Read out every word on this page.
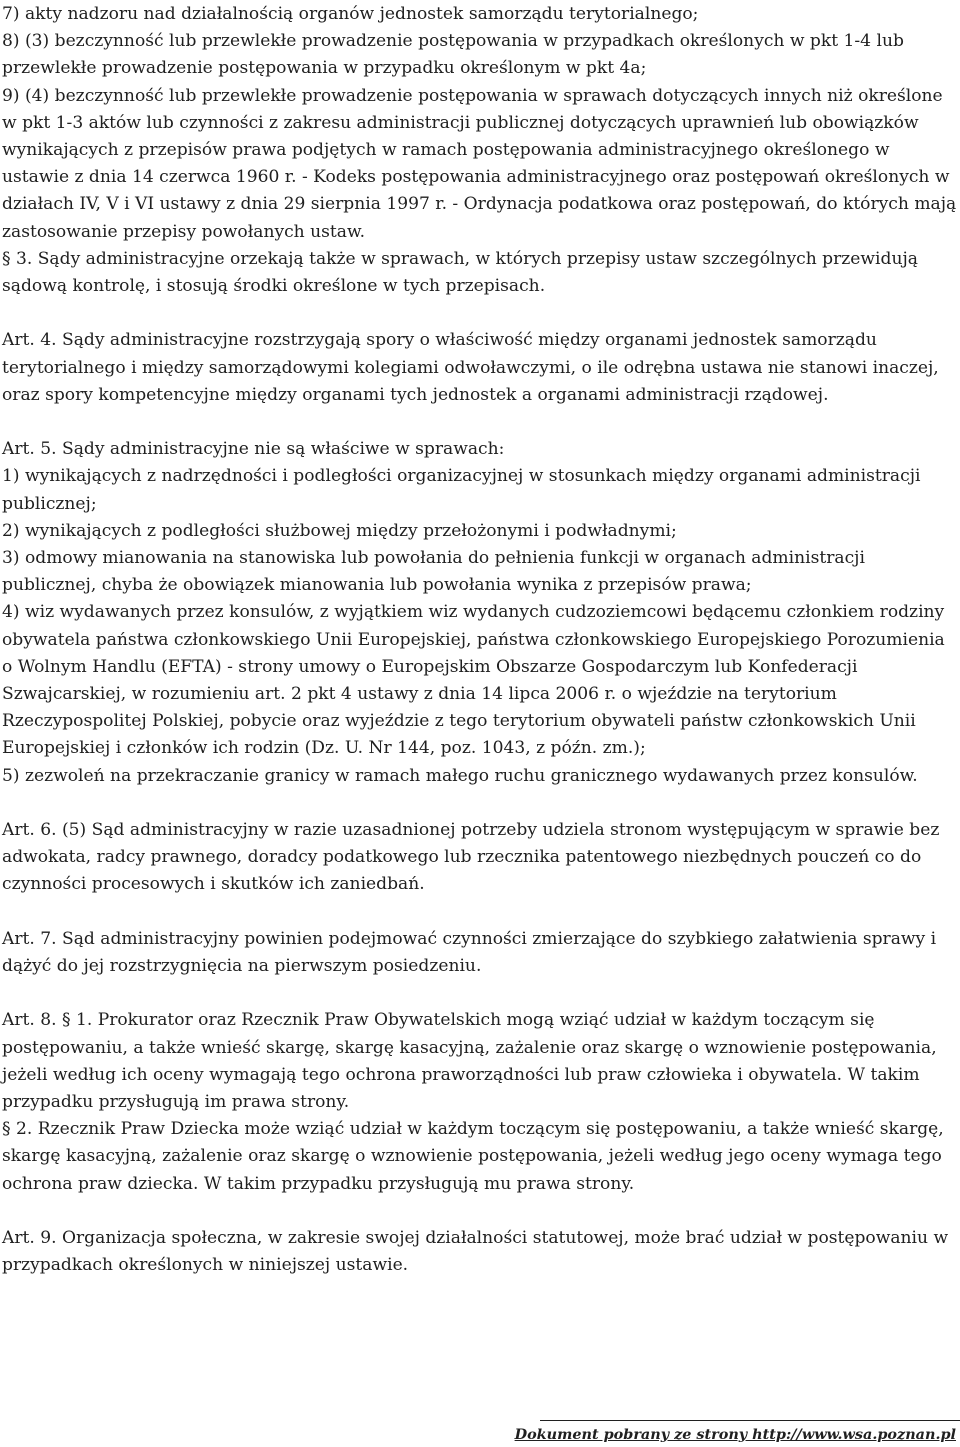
7) akty nadzoru nad działalnością organów jednostek samorządu terytorialnego;

8) (3) bezczynność lub przewlekłe prowadzenie postępowania w przypadkach określonych w pkt 1-4 lub przewlekłe prowadzenie postępowania w przypadku określonym w pkt 4a;

9) (4) bezczynność lub przewlekłe prowadzenie postępowania w sprawach dotyczących innych niż określone w pkt 1-3 aktów lub czynności z zakresu administracji publicznej dotyczących uprawnień lub obowiązków wynikających z przepisów prawa podjętych w ramach postępowania administracyjnego określonego w ustawie z dnia 14 czerwca 1960 r. - Kodeks postępowania administracyjnego oraz postępowań określonych w działach IV, V i VI ustawy z dnia 29 sierpnia 1997 r. - Ordynacja podatkowa oraz postępowań, do których mają zastosowanie przepisy powołanych ustaw.

§ 3. Sądy administracyjne orzekają także w sprawach, w których przepisy ustaw szczególnych przewidują sądową kontrolę, i stosują środki określone w tych przepisach.

Art. 4. Sądy administracyjne rozstrzygają spory o właściwość między organami jednostek samorządu terytorialnego i między samorządowymi kolegiami odwoławczymi, o ile odrębna ustawa nie stanowi inaczej, oraz spory kompetencyjne między organami tych jednostek a organami administracji rządowej.

Art. 5. Sądy administracyjne nie są właściwe w sprawach:

1) wynikających z nadrzędności i podległości organizacyjnej w stosunkach między organami administracji publicznej;

2) wynikających z podległości służbowej między przełożonymi i podwładnymi;

3) odmowy mianowania na stanowiska lub powołania do pełnienia funkcji w organach administracji publicznej, chyba że obowiązek mianowania lub powołania wynika z przepisów prawa;

4) wiz wydawanych przez konsulów, z wyjątkiem wiz wydanych cudzoziemcowi będącemu członkiem rodziny obywatela państwa członkowskiego Unii Europejskiej, państwa członkowskiego Europejskiego Porozumienia o Wolnym Handlu (EFTA) - strony umowy o Europejskim Obszarze Gospodarczym lub Konfederacji Szwajcarskiej, w rozumieniu art. 2 pkt 4 ustawy z dnia 14 lipca 2006 r. o wjeździe na terytorium Rzeczypospolitej Polskiej, pobycie oraz wyjeździe z tego terytorium obywateli państw członkowskich Unii Europejskiej i członków ich rodzin (Dz. U. Nr 144, poz. 1043, z późn. zm.);

5) zezwoleń na przekraczanie granicy w ramach małego ruchu granicznego wydawanych przez konsulów.

Art. 6. (5) Sąd administracyjny w razie uzasadnionej potrzeby udziela stronom występującym w sprawie bez adwokata, radcy prawnego, doradcy podatkowego lub rzecznika patentowego niezbędnych pouczeń co do czynności procesowych i skutków ich zaniedbań.

Art. 7. Sąd administracyjny powinien podejmować czynności zmierzające do szybkiego załatwienia sprawy i dążyć do jej rozstrzygnięcia na pierwszym posiedzeniu.

Art. 8. § 1. Prokurator oraz Rzecznik Praw Obywatelskich mogą wziąć udział w każdym toczącym się postępowaniu, a także wnieść skargę, skargę kasacyjną, zażalenie oraz skargę o wznowienie postępowania, jeżeli według ich oceny wymagają tego ochrona praworządności lub praw człowieka i obywatela. W takim przypadku przysługują im prawa strony.

§ 2. Rzecznik Praw Dziecka może wziąć udział w każdym toczącym się postępowaniu, a także wnieść skargę, skargę kasacyjną, zażalenie oraz skargę o wznowienie postępowania, jeżeli według jego oceny wymaga tego ochrona praw dziecka. W takim przypadku przysługują mu prawa strony.

Art. 9. Organizacja społeczna, w zakresie swojej działalności statutowej, może brać udział w postępowaniu w przypadkach określonych w niniejszej ustawie.

Dokument pobrany ze strony http://www.wsa.poznan.pl
